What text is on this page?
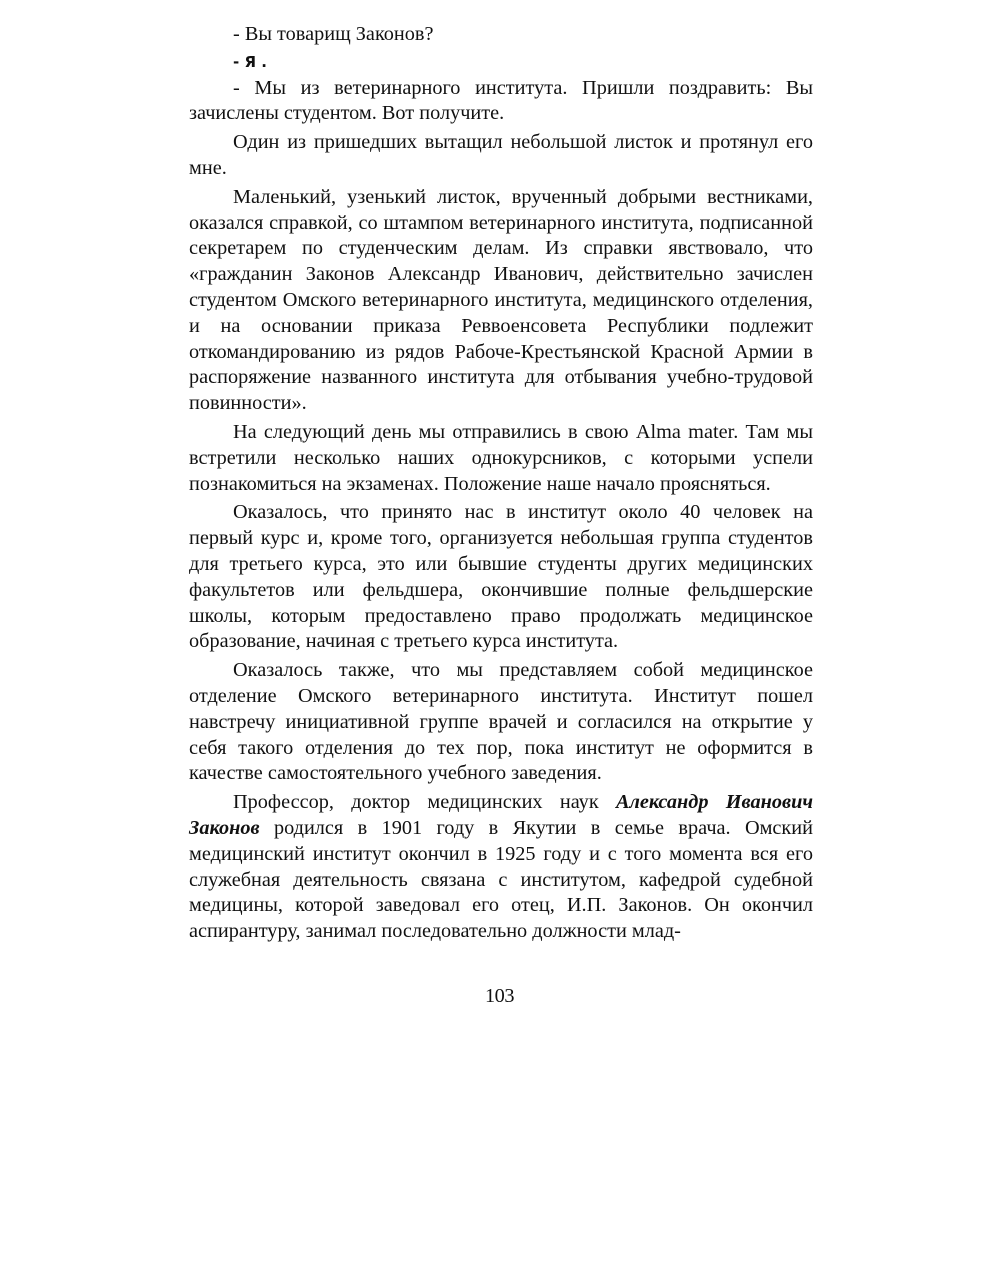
- Вы товарищ Законов?

- Я .

- Мы из ветеринарного института. Пришли поздравить: Вы зачислены студентом. Вот получите.

Один из пришедших вытащил небольшой листок и протянул его мне.

Маленький, узенький листок, врученный добрыми вестниками, оказался справкой, со штампом ветеринарного института, подписанной секретарем по студенческим делам. Из справки явствовало, что «гражданин Законов Александр Иванович, действительно зачислен студентом Омского ветеринарного института, медицинского отделения, и на основании приказа Реввоенсовета Республики подлежит откомандированию из рядов Рабоче-Крестьянской Красной Армии в распоряжение названного института для отбывания учебно-трудовой повинности».

На следующий день мы отправились в свою Alma mater. Там мы встретили несколько наших однокурсников, с которыми успели познакомиться на экзаменах. Положение наше начало проясняться.

Оказалось, что принято нас в институт около 40 человек на первый курс и, кроме того, организуется небольшая группа студентов для третьего курса, это или бывшие студенты других медицинских факультетов или фельдшера, окончившие полные фельдшерские школы, которым предоставлено право продолжать медицинское образование, начиная с третьего курса института.

Оказалось также, что мы представляем собой медицинское отделение Омского ветеринарного института. Институт пошел навстречу инициативной группе врачей и согласился на открытие у себя такого отделения до тех пор, пока институт не оформится в качестве самостоятельного учебного заведения.

Профессор, доктор медицинских наук Александр Иванович Законов родился в 1901 году в Якутии в семье врача. Омский медицинский институт окончил в 1925 году и с того момента вся его служебная деятельность связана с институтом, кафедрой судебной медицины, которой заведовал его отец, И.П. Законов. Он окончил аспирантуру, занимал последовательно должности млад-

103
